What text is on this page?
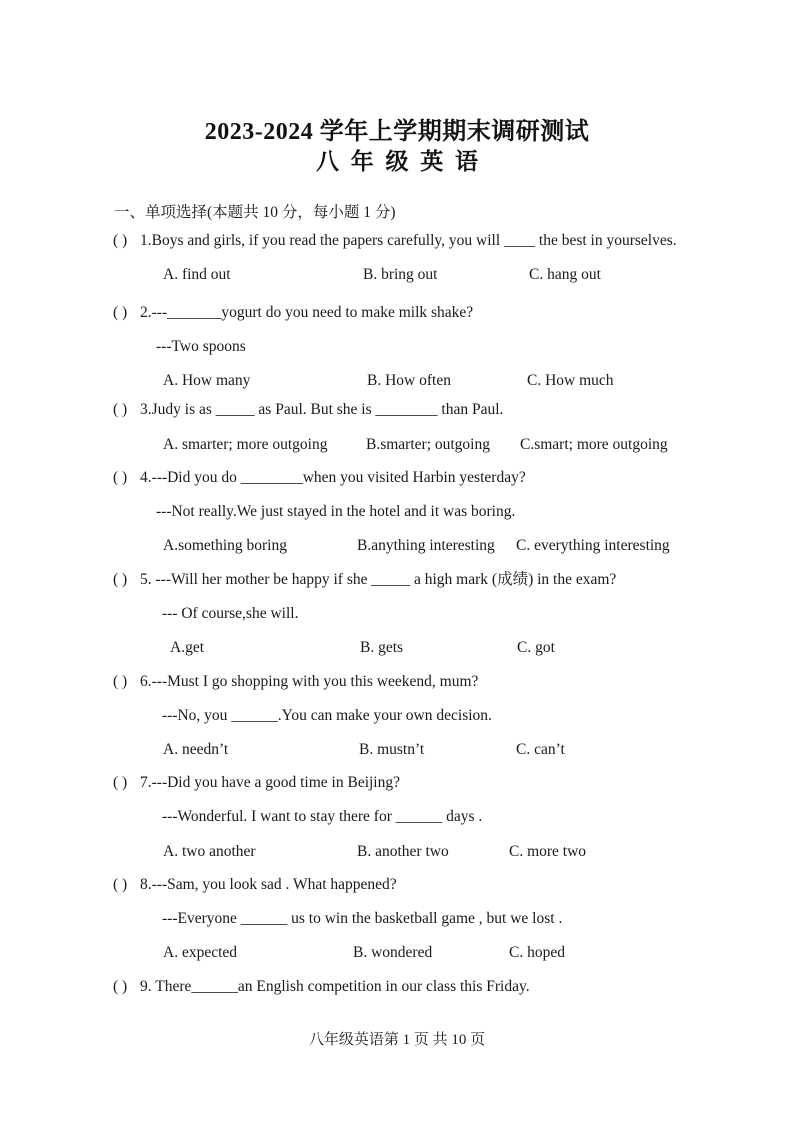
2023-2024 学年上学期期末调研测试
八 年 级 英 语
一、单项选择(本题共 10 分，每小题 1 分)
( ) 1.Boys and girls, if you read the papers carefully, you will ____ the best in yourselves.
A. find out	B. bring out	C. hang out
( ) 2.---_______yogurt do you need to make milk shake?
---Two spoons
A. How many	B. How often	C. How much
( ) 3.Judy is as _____ as Paul. But she is ________ than Paul.
A. smarter; more outgoing B.smarter; outgoing C.smart; more outgoing
( ) 4.---Did you do ________when you visited Harbin yesterday?
---Not really.We just stayed in the hotel and it was boring.
A.something boring	B.anything interesting C. everything interesting
( ) 5. ---Will her mother be happy if she _____ a high mark (成绩) in the exam?
--- Of course,she will.
A.get	B. gets	C. got
( ) 6.---Must I go shopping with you this weekend, mum?
---No, you ______.You can make your own decision.
A. needn’t	B. mustn’t	C. can’t
( ) 7.---Did you have a good time in Beijing?
---Wonderful. I want to stay there for ______ days .
A. two another	B. another two	C. more two
( ) 8.---Sam, you look sad . What happened?
---Everyone ______ us to win the basketball game , but we lost .
A. expected	B. wondered	C. hoped
( ) 9. There______an English competition in our class this Friday.
八年级英语第 1 页 共 10 页
